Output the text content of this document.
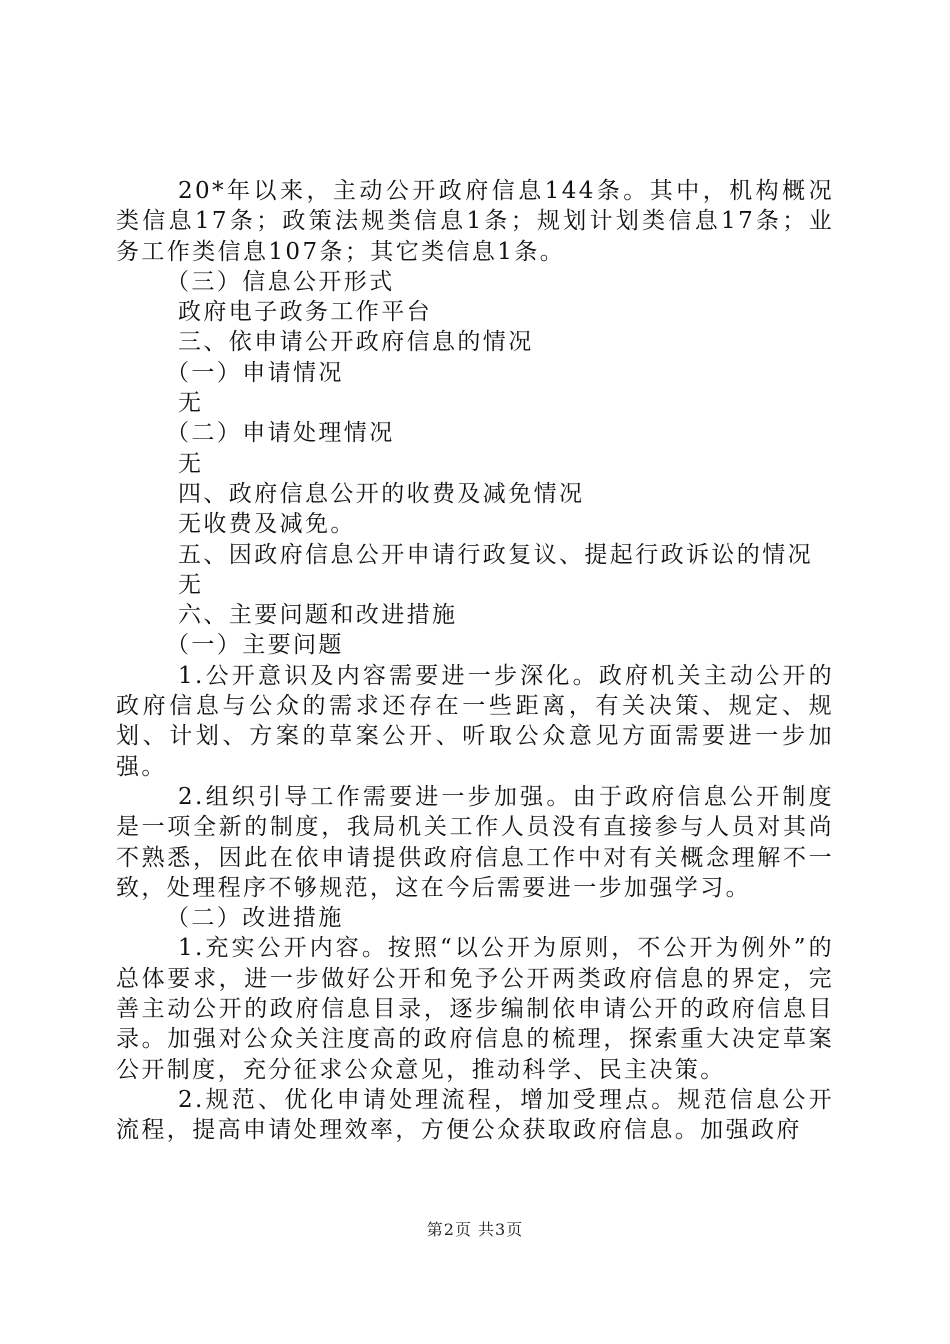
20*年以来，主动公开政府信息144条。其中，机构概况类信息17条；政策法规类信息1条；规划计划类信息17条；业务工作类信息107条；其它类信息1条。

（三）信息公开形式

政府电子政务工作平台

三、依申请公开政府信息的情况

（一）申请情况

无

（二）申请处理情况

无

四、政府信息公开的收费及减免情况

无收费及减免。

五、因政府信息公开申请行政复议、提起行政诉讼的情况

无

六、主要问题和改进措施

（一）主要问题

1.公开意识及内容需要进一步深化。政府机关主动公开的政府信息与公众的需求还存在一些距离，有关决策、规定、规划、计划、方案的草案公开、听取公众意见方面需要进一步加强。

2.组织引导工作需要进一步加强。由于政府信息公开制度是一项全新的制度，我局机关工作人员没有直接参与人员对其尚不熟悉，因此在依申请提供政府信息工作中对有关概念理解不一致，处理程序不够规范，这在今后需要进一步加强学习。

（二）改进措施

1.充实公开内容。按照“以公开为原则，不公开为例外”的总体要求，进一步做好公开和免予公开两类政府信息的界定，完善主动公开的政府信息目录，逐步编制依申请公开的政府信息目录。加强对公众关注度高的政府信息的梳理，探索重大决定草案公开制度，充分征求公众意见，推动科学、民主决策。

2.规范、优化申请处理流程，增加受理点。规范信息公开流程，提高申请处理效率，方便公众获取政府信息。加强政府

第2页 共3页
